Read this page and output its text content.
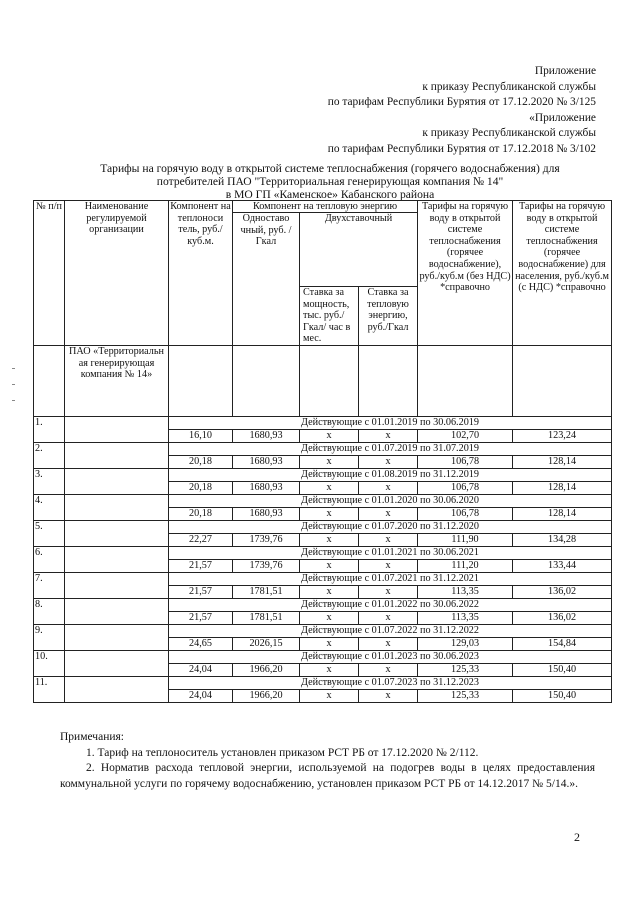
Приложение
к приказу Республиканской службы
по тарифам Республики Бурятия от 17.12.2020 № 3/125
«Приложение
к приказу Республиканской службы
по тарифам Республики Бурятия от 17.12.2018 № 3/102
Тарифы на горячую воду в открытой системе теплоснабжения (горячего водоснабжения) для
потребителей ПАО "Территориальная генерирующая компания № 14"
в МО ГП «Каменское» Кабанского района
№ п/п	Наименование регулируемой организации	Компонент на теплоноси тель, руб./ куб.м.	Компонент на тепловую энергию			Тарифы на горячую воду в открытой системе теплоснабжения (горячее водоснабжение), руб./куб.м (без НДС) *справочно	Тарифы на горячую воду в открытой системе теплоснабжения (горячее водоснабжение) для населения, руб./куб.м (с НДС) *справочно
			Одноставо чный, руб. /Гкал	Двухставочный			
				Ставка за мощность, тыс. руб./Гкал/ час в мес.	Ставка за тепловую энергию, руб./Гкал		
	ПАО «Территориальн ая генерирующая компания № 14»						
1.		Действующие с 01.01.2019 по 30.06.2019					
		16,10	1680,93	x	x	102,70	123,24
2.		Действующие с 01.07.2019 по 31.07.2019					
		20,18	1680,93	x	x	106,78	128,14
3.		Действующие с 01.08.2019 по 31.12.2019					
		20,18	1680,93	x	x	106,78	128,14
4.		Действующие с 01.01.2020 по 30.06.2020					
		20,18	1680,93	x	x	106,78	128,14
5.		Действующие с 01.07.2020 по 31.12.2020					
		22,27	1739,76	x	x	111,90	134,28
6.		Действующие с 01.01.2021 по 30.06.2021					
		21,57	1739,76	x	x	111,20	133,44
7.		Действующие с 01.07.2021 по 31.12.2021					
		21,57	1781,51	x	x	113,35	136,02
8.		Действующие с 01.01.2022 по 30.06.2022					
		21,57	1781,51	x	x	113,35	136,02
9.		Действующие с 01.07.2022 по 31.12.2022					
		24,65	2026,15	x	x	129,03	154,84
10.		Действующие с 01.01.2023 по 30.06.2023					
		24,04	1966,20	x	x	125,33	150,40
11.		Действующие с 01.07.2023 по 31.12.2023					
		24,04	1966,20	x	x	125,33	150,40
Примечания:
1. Тариф на теплоноситель установлен приказом РСТ РБ от 17.12.2020 № 2/112.
2. Норматив расхода тепловой энергии, используемой на подогрев воды в целях предоставления коммунальной услуги по горячему водоснабжению, установлен приказом РСТ РБ от 14.12.2017 № 5/14.».
2
